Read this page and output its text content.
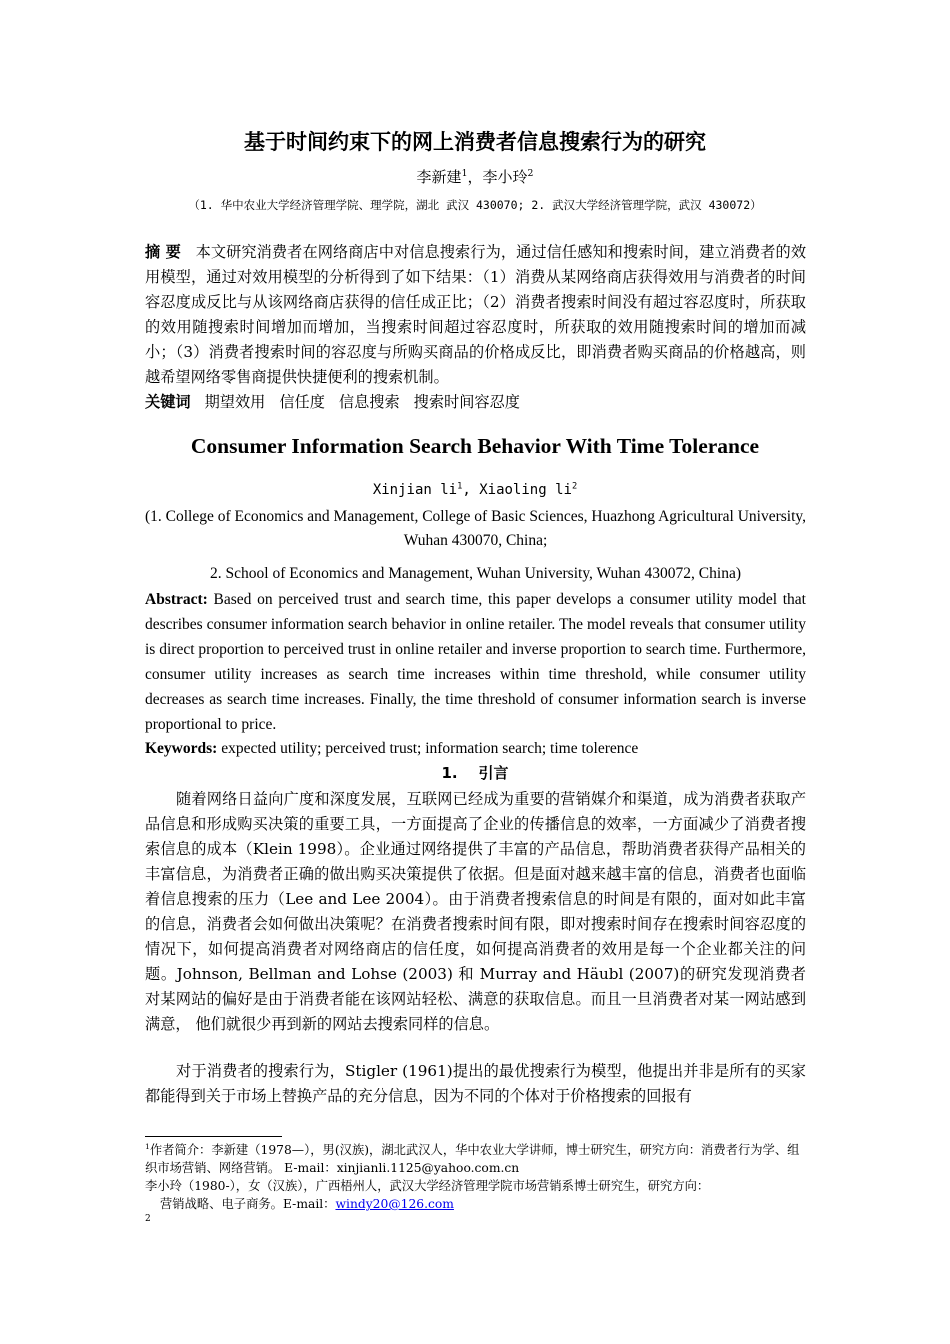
基于时间约束下的网上消费者信息搜索行为的研究
李新建$^1$，李小玲$^2$
（1. 华中农业大学经济管理学院、理学院，湖北 武汉 430070; 2. 武汉大学经济管理学院，武汉 430072）
摘 要 本文研究消费者在网络商店中对信息搜索行为，通过信任感知和搜索时间，建立消费者的效用模型，通过对效用模型的分析得到了如下结果：（1）消费从某网络商店获得效用与消费者的时间容忍度成反比与从该网络商店获得的信任成正比；（2）消费者搜索时间没有超过容忍度时，所获取的效用随搜索时间增加而增加，当搜索时间超过容忍度时，所获取的效用随搜索时间的增加而减小；（3）消费者搜索时间的容忍度与所购买商品的价格成反比，即消费者购买商品的价格越高，则越希望网络零售商提供快捷便利的搜索机制。
关键词 期望效用 信任度 信息搜索 搜索时间容忍度
Consumer Information Search Behavior With Time Tolerance
Xinjian $li^1$, Xiaoling $li^2$
(1. College of Economics and Management, College of Basic Sciences, Huazhong Agricultural University, Wuhan 430070, China;
2. School of Economics and Management, Wuhan University, Wuhan 430072, China)
Abstract: Based on perceived trust and search time, this paper develops a consumer utility model that describes consumer information search behavior in online retailer. The model reveals that consumer utility is direct proportion to perceived trust in online retailer and inverse proportion to search time. Furthermore, consumer utility increases as search time increases within time threshold, while consumer utility decreases as search time increases. Finally, the time threshold of consumer information search is inverse proportional to price.
Keywords: expected utility; perceived trust; information search; time tolerence
1.    引言

随着网络日益向广度和深度发展，互联网已经成为重要的营销媒介和渠道，成为消费者获取产品信息和形成购买决策的重要工具，一方面提高了企业的传播信息的效率，一方面减少了消费者搜索信息的成本（Klein 1998）。企业通过网络提供了丰富的产品信息，帮助消费者获得产品相关的丰富信息，为消费者正确的做出购买决策提供了依据。但是面对越来越丰富的信息，消费者也面临着信息搜索的压力（Lee and Lee 2004）。由于消费者搜索信息的时间是有限的，面对如此丰富的信息，消费者会如何做出决策呢？在消费者搜索时间有限，即对搜索时间存在搜索时间容忍度的情况下，如何提高消费者对网络商店的信任度，如何提高消费者的效用是每一个企业都关注的问题。Johnson, Bellman and Lohse (2003) 和 Murray and Häubl (2007)的研究发现消费者对某网站的偏好是由于消费者能在该网站轻松、满意的获取信息。而且一旦消费者对某一网站感到满意， 他们就很少再到新的网站去搜索同样的信息。

对于消费者的搜索行为，Stigler (1961)提出的最优搜索行为模型，他提出并非是所有的买家都能得到关于市场上替换产品的充分信息，因为不同的个体对于价格搜索的回报有

$^1$作者简介：李新建（1978—），男(汉族)，湖北武汉人，华中农业大学讲师，博士研究生，研究方向：消费者行为学、组织市场营销、网络营销。 E-mail：xinjianli.1125@yahoo.com.cn
李小玲（1980-），女（汉族），广西梧州人，武汉大学经济管理学院市场营销系博士研究生，研究方向：
营销战略、电子商务。E-mail：windy20@126.com
2
